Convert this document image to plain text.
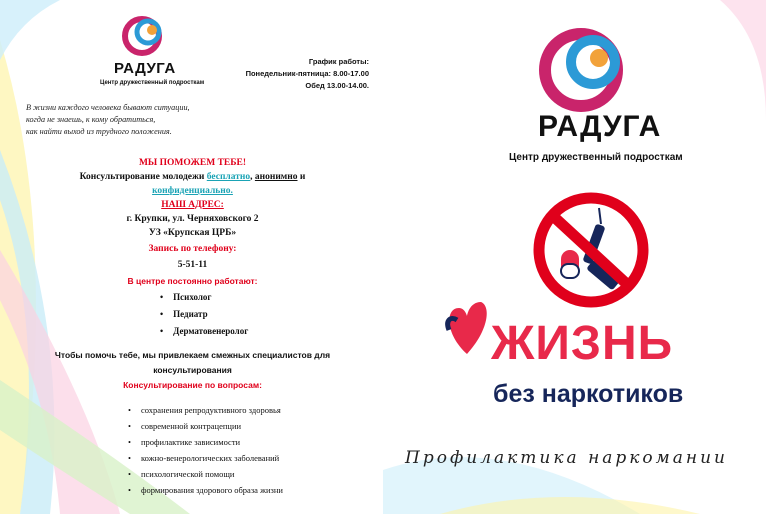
РАДУГА
Центр дружественный подросткам
График работы:
Понедельник-пятница: 8.00-17.00
Обед 13.00-14.00.
В жизни каждого человека бывают ситуации,
когда не знаешь, к кому обратиться,
как найти выход из трудного положения.
МЫ ПОМОЖЕМ ТЕБЕ!
Консультирование молодежи бесплатно, анонимно и
конфиденциально.
НАШ АДРЕС:
г. Крупки, ул. Черняховского 2
УЗ «Крупская ЦРБ»
Запись по телефону:
5-51-11
В центре постоянно работают:
• Психолог
• Педиатр
• Дерматовенеролог
Чтобы помочь тебе, мы привлекаем смежных специалистов для
консультирования
Консультирование по вопросам:
• сохранения репродуктивного здоровья
• современной контрацепции
• профилактике зависимости
• кожно-венерологических заболеваний
• психологической помощи
• формирования здорового образа жизни
РАДУГА
Центр дружественный подросткам
ЖИЗНЬ
без наркотиков
Профилактика наркомании
